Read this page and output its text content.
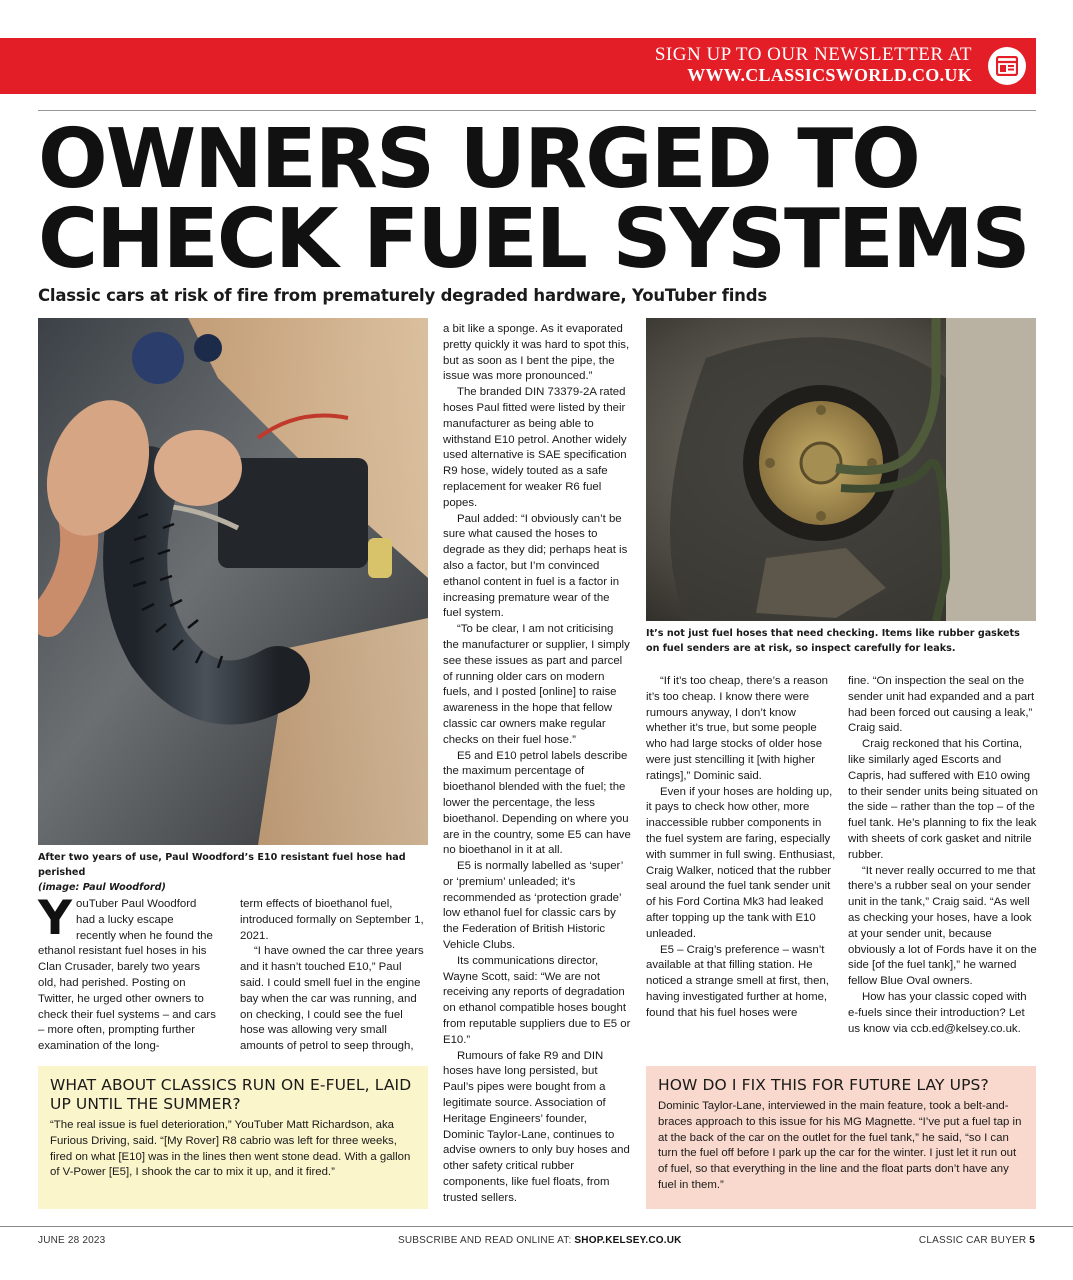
SIGN UP TO OUR NEWSLETTER AT
WWW.CLASSICSWORLD.CO.UK
OWNERS URGED TO
CHECK FUEL SYSTEMS
Classic cars at risk of fire from prematurely degraded hardware, YouTuber finds
After two years of use, Paul Woodford’s E10 resistant fuel hose had perished
(image: Paul Woodford)
It’s not just fuel hoses that need checking. Items like rubber gaskets on fuel senders are at risk, so inspect carefully for leaks.

YouTuber Paul Woodford had a lucky escape recently when he found the ethanol resistant fuel hoses in his Clan Crusader, barely two years old, had perished. Posting on Twitter, he urged other owners to check their fuel systems – and cars – more often, prompting further examination of the long-

term effects of bioethanol fuel, introduced formally on September 1, 2021.

“I have owned the car three years and it hasn’t touched E10,” Paul said. I could smell fuel in the engine bay when the car was running, and on checking, I could see the fuel hose was allowing very small amounts of petrol to seep through,

a bit like a sponge. As it evaporated pretty quickly it was hard to spot this, but as soon as I bent the pipe, the issue was more pronounced.”

The branded DIN 73379-2A rated hoses Paul fitted were listed by their manufacturer as being able to withstand E10 petrol. Another widely used alternative is SAE specification R9 hose, widely touted as a safe replacement for weaker R6 fuel popes.

Paul added: “I obviously can’t be sure what caused the hoses to degrade as they did; perhaps heat is also a factor, but I’m convinced ethanol content in fuel is a factor in increasing premature wear of the fuel system.

“To be clear, I am not criticising the manufacturer or supplier, I simply see these issues as part and parcel of running older cars on modern fuels, and I posted [online] to raise awareness in the hope that fellow classic car owners make regular checks on their fuel hose.”

E5 and E10 petrol labels describe the maximum percentage of bioethanol blended with the fuel; the lower the percentage, the less bioethanol. Depending on where you are in the country, some E5 can have no bioethanol in it at all.

E5 is normally labelled as ‘super’ or ‘premium’ unleaded; it’s recommended as ‘protection grade’ low ethanol fuel for classic cars by the Federation of British Historic Vehicle Clubs.

Its communications director, Wayne Scott, said: “We are not receiving any reports of degradation on ethanol compatible hoses bought from reputable suppliers due to E5 or E10.”

Rumours of fake R9 and DIN hoses have long persisted, but Paul’s pipes were bought from a legitimate source. Association of Heritage Engineers’ founder, Dominic Taylor-Lane, continues to advise owners to only buy hoses and other safety critical rubber components, like fuel floats, from trusted sellers.

“If it’s too cheap, there’s a reason it’s too cheap. I know there were rumours anyway, I don’t know whether it’s true, but some people who had large stocks of older hose were just stencilling it [with higher ratings],” Dominic said.

Even if your hoses are holding up, it pays to check how other, more inaccessible rubber components in the fuel system are faring, especially with summer in full swing. Enthusiast, Craig Walker, noticed that the rubber seal around the fuel tank sender unit of his Ford Cortina Mk3 had leaked after topping up the tank with E10 unleaded.

E5 – Craig’s preference – wasn’t available at that filling station. He noticed a strange smell at first, then, having investigated further at home, found that his fuel hoses were

fine. “On inspection the seal on the sender unit had expanded and a part had been forced out causing a leak,” Craig said.

Craig reckoned that his Cortina, like similarly aged Escorts and Capris, had suffered with E10 owing to their sender units being situated on the side – rather than the top – of the fuel tank. He’s planning to fix the leak with sheets of cork gasket and nitrile rubber.

“It never really occurred to me that there’s a rubber seal on your sender unit in the tank,” Craig said. “As well as checking your hoses, have a look at your sender unit, because obviously a lot of Fords have it on the side [of the fuel tank],” he warned fellow Blue Oval owners.

How has your classic coped with e-fuels since their introduction? Let us know via ccb.ed@kelsey.co.uk.

WHAT ABOUT CLASSICS RUN ON E-FUEL, LAID UP UNTIL THE SUMMER?
“The real issue is fuel deterioration,” YouTuber Matt Richardson, aka Furious Driving, said. “[My Rover] R8 cabrio was left for three weeks, fired on what [E10] was in the lines then went stone dead. With a gallon of V-Power [E5], I shook the car to mix it up, and it fired.”
HOW DO I FIX THIS FOR FUTURE LAY UPS?
Dominic Taylor-Lane, interviewed in the main feature, took a belt-and-braces approach to this issue for his MG Magnette. “I’ve put a fuel tap in at the back of the car on the outlet for the fuel tank,” he said, “so I can turn the fuel off before I park up the car for the winter. I just let it run out of fuel, so that everything in the line and the float parts don’t have any fuel in them.”
JUNE 28 2023	SUBSCRIBE AND READ ONLINE AT: SHOP.KELSEY.CO.UK	CLASSIC CAR BUYER 5
